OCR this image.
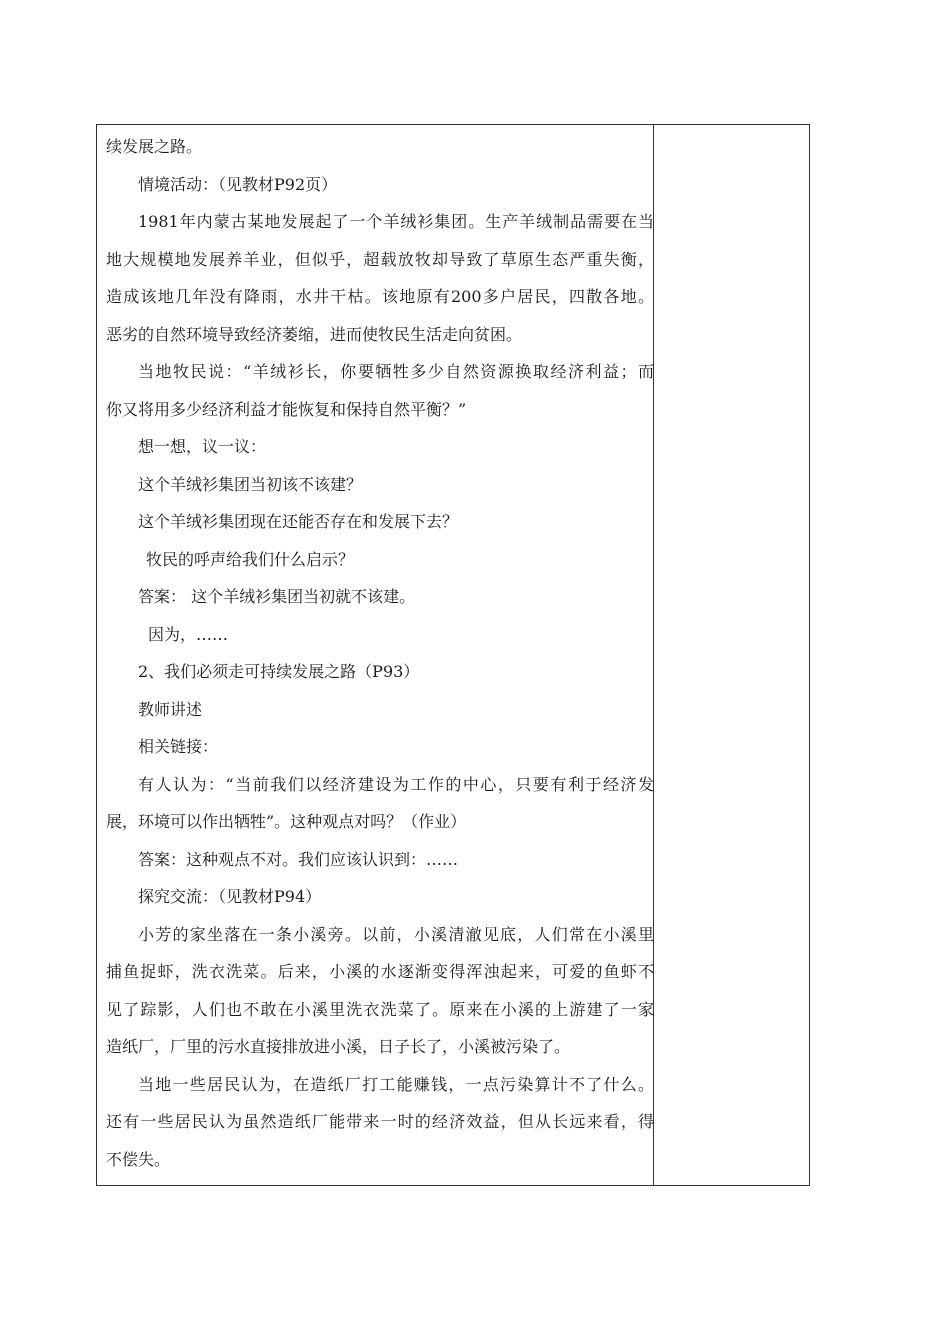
续发展之路。
情境活动：（见教材P92页）
1981年内蒙古某地发展起了一个羊绒衫集团。生产羊绒制品需要在当
地大规模地发展养羊业，但似乎，超载放牧却导致了草原生态严重失衡，
造成该地几年没有降雨，水井干枯。该地原有200多户居民，四散各地。
恶劣的自然环境导致经济萎缩，进而使牧民生活走向贫困。
当地牧民说：“羊绒衫长，你要牺牲多少自然资源换取经济利益；而
你又将用多少经济利益才能恢复和保持自然平衡？”
想一想，议一议：
这个羊绒衫集团当初该不该建？
这个羊绒衫集团现在还能否存在和发展下去？
牧民的呼声给我们什么启示？
答案： 这个羊绒衫集团当初就不该建。
因为，……
2、我们必须走可持续发展之路（P93）
教师讲述
相关链接：
有人认为：“当前我们以经济建设为工作的中心，只要有利于经济发
展，环境可以作出牺牲”。这种观点对吗？（作业）
答案：这种观点不对。我们应该认识到：……
探究交流：（见教材P94）
小芳的家坐落在一条小溪旁。以前，小溪清澈见底，人们常在小溪里
捕鱼捉虾，洗衣洗菜。后来，小溪的水逐渐变得浑浊起来，可爱的鱼虾不
见了踪影，人们也不敢在小溪里洗衣洗菜了。原来在小溪的上游建了一家
造纸厂，厂里的污水直接排放进小溪，日子长了，小溪被污染了。
当地一些居民认为，在造纸厂打工能赚钱，一点污染算计不了什么。
还有一些居民认为虽然造纸厂能带来一时的经济效益，但从长远来看，得
不偿失。
